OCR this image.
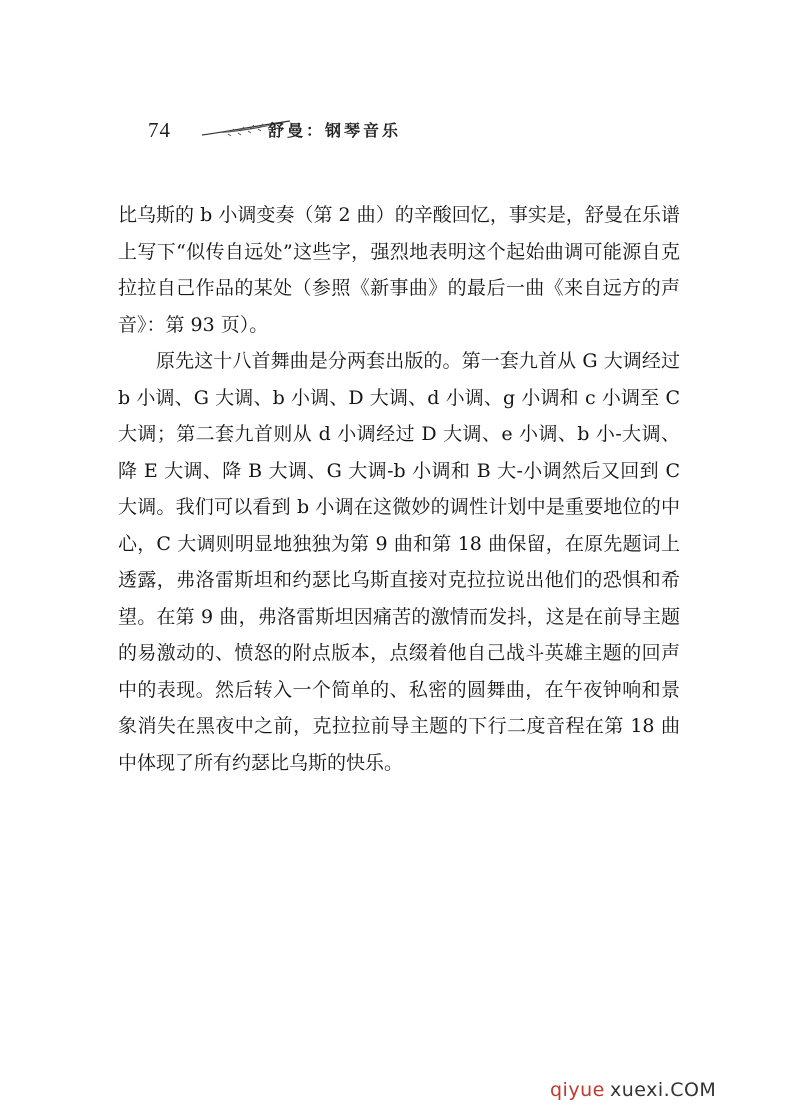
74	舒曼：钢琴音乐

比乌斯的 b 小调变奏（第 2 曲）的辛酸回忆，事实是，舒曼在乐谱上写下“似传自远处”这些字，强烈地表明这个起始曲调可能源自克拉拉自己作品的某处（参照《新事曲》的最后一曲《来自远方的声音》：第 93 页）。

原先这十八首舞曲是分两套出版的。第一套九首从 G 大调经过 b 小调、G 大调、b 小调、D 大调、d 小调、g 小调和 c 小调至 C 大调；第二套九首则从 d 小调经过 D 大调、e 小调、b 小-大调、降 E 大调、降 B 大调、G 大调-b 小调和 B 大-小调然后又回到 C 大调。我们可以看到 b 小调在这微妙的调性计划中是重要地位的中心，C 大调则明显地独独为第 9 曲和第 18 曲保留，在原先题词上透露，弗洛雷斯坦和约瑟比乌斯直接对克拉拉说出他们的恐惧和希望。在第 9 曲，弗洛雷斯坦因痛苦的激情而发抖，这是在前导主题的易激动的、愤怒的附点版本，点缀着他自己战斗英雄主题的回声中的表现。然后转入一个简单的、私密的圆舞曲，在午夜钟响和景象消失在黑夜中之前，克拉拉前导主题的下行二度音程在第 18 曲中体现了所有约瑟比乌斯的快乐。

qiyue xuexi.COM
